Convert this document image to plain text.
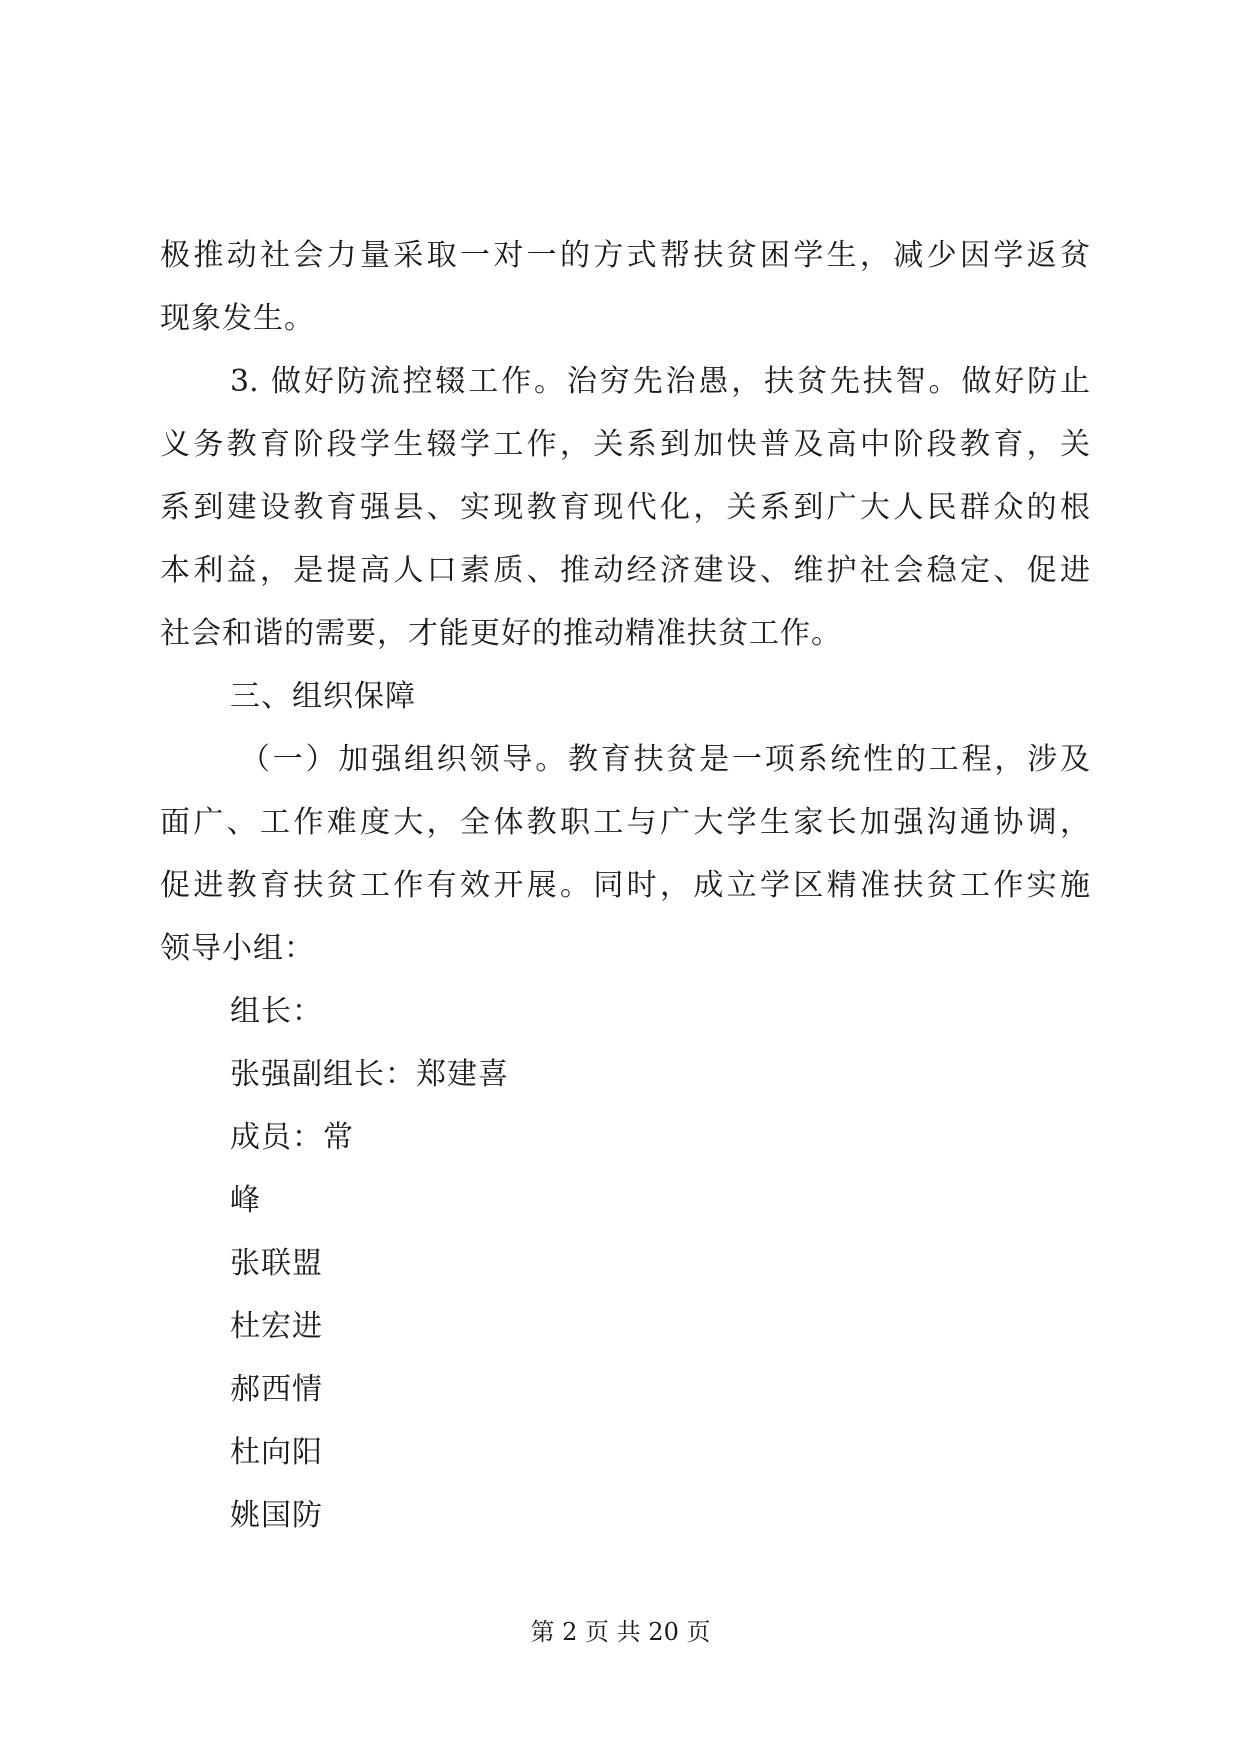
极推动社会力量采取一对一的方式帮扶贫困学生，减少因学返贫
现象发生。
3. 做好防流控辍工作。治穷先治愚，扶贫先扶智。做好防止
义务教育阶段学生辍学工作，关系到加快普及高中阶段教育，关
系到建设教育强县、实现教育现代化，关系到广大人民群众的根
本利益，是提高人口素质、推动经济建设、维护社会稳定、促进
社会和谐的需要，才能更好的推动精准扶贫工作。
三、组织保障
（一）加强组织领导。教育扶贫是一项系统性的工程，涉及
面广、工作难度大，全体教职工与广大学生家长加强沟通协调，
促进教育扶贫工作有效开展。同时，成立学区精准扶贫工作实施
领导小组：
组长：
张强副组长：郑建喜
成员：常
峰
张联盟
杜宏进
郝西情
杜向阳
姚国防
第 2 页 共 20 页
